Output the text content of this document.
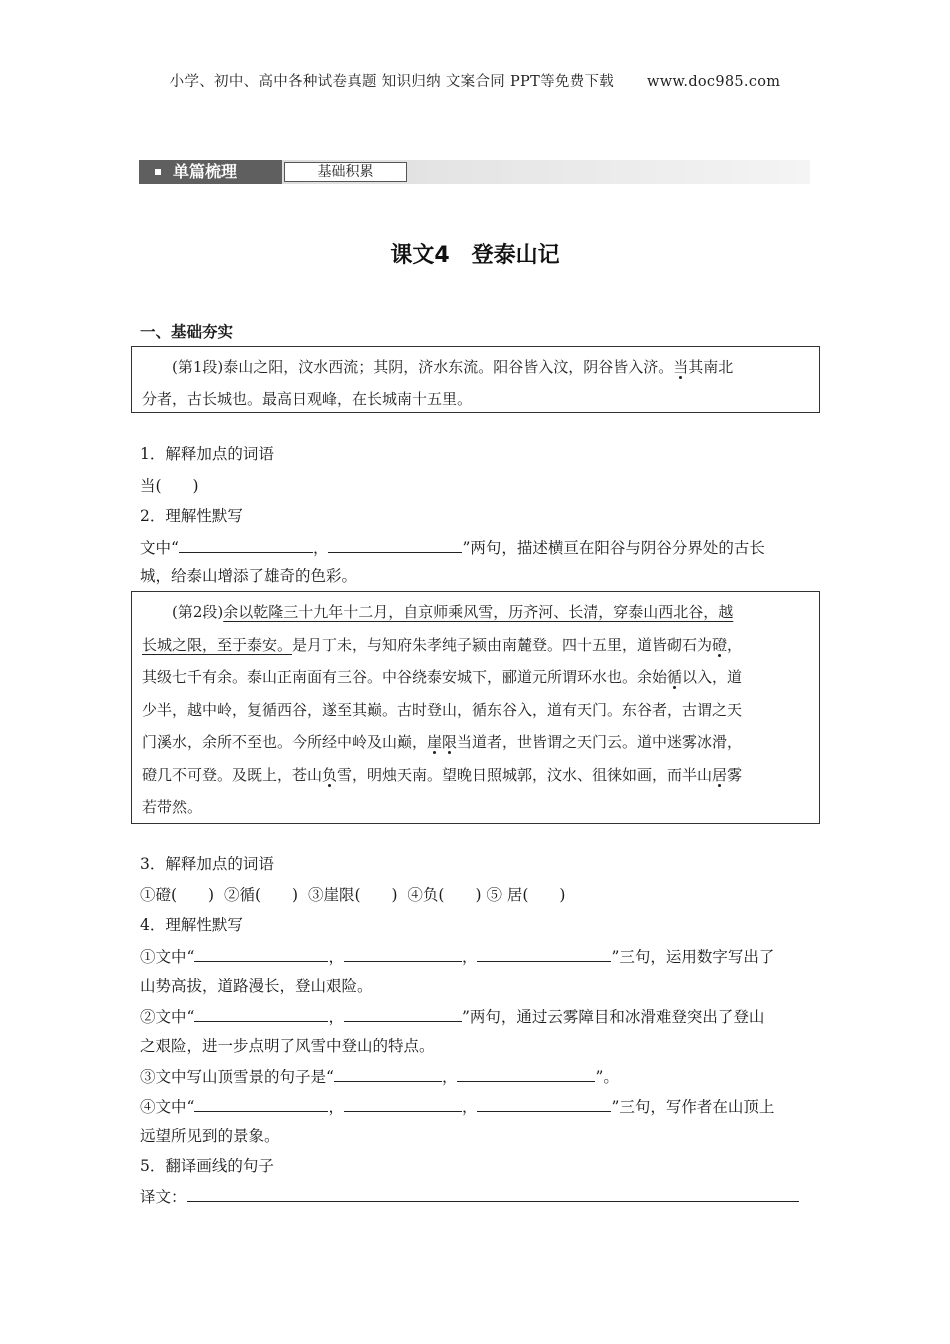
小学、初中、高中各种试卷真题 知识归纳 文案合同 PPT等免费下载 www.doc985.com
单篇梳理	基础积累
课文4　登泰山记
一、基础夯实

(第1段)泰山之阳，汶水西流；其阴，济水东流。阳谷皆入汶，阴谷皆入济。当其南北

分者，古长城也。最高日观峰，在长城南十五里。
1．解释加点的词语
当(　　)
2．理解性默写
文中“	，	”两句，描述横亘在阳谷与阴谷分界处的古长
城，给泰山增添了雄奇的色彩。

(第2段)余以乾隆三十九年十二月，自京师乘风雪，历齐河、长清，穿泰山西北谷，越

长城之限，至于泰安。是月丁未，与知府朱孝纯子颍由南麓登。四十五里，道皆砌石为磴，
其级七千有余。泰山正南面有三谷。中谷绕泰安城下，郦道元所谓环水也。余始循以入，道
少半，越中岭，复循西谷，遂至其巅。古时登山，循东谷入，道有天门。东谷者，古谓之天
门溪水，余所不至也。今所经中岭及山巅，崖限当道者，世皆谓之天门云。道中迷雾冰滑，
磴几不可登。及既上，苍山负雪，明烛天南。望晚日照城郭，汶水、徂徕如画，而半山居雾
若带然。
3．解释加点的词语
①磴(　　) ②循(　　) ③崖限(　　) ④负(　　) ⑤ 居(　　)
4．理解性默写
①文中“	，	，	”三句，运用数字写出了
山势高拔，道路漫长，登山艰险。
②文中“	，	”两句，通过云雾障目和冰滑难登突出了登山
之艰险，进一步点明了风雪中登山的特点。
③文中写山顶雪景的句子是“	，	”。
④文中“	，	，	”三句，写作者在山顶上
远望所见到的景象。
5．翻译画线的句子
译文：
